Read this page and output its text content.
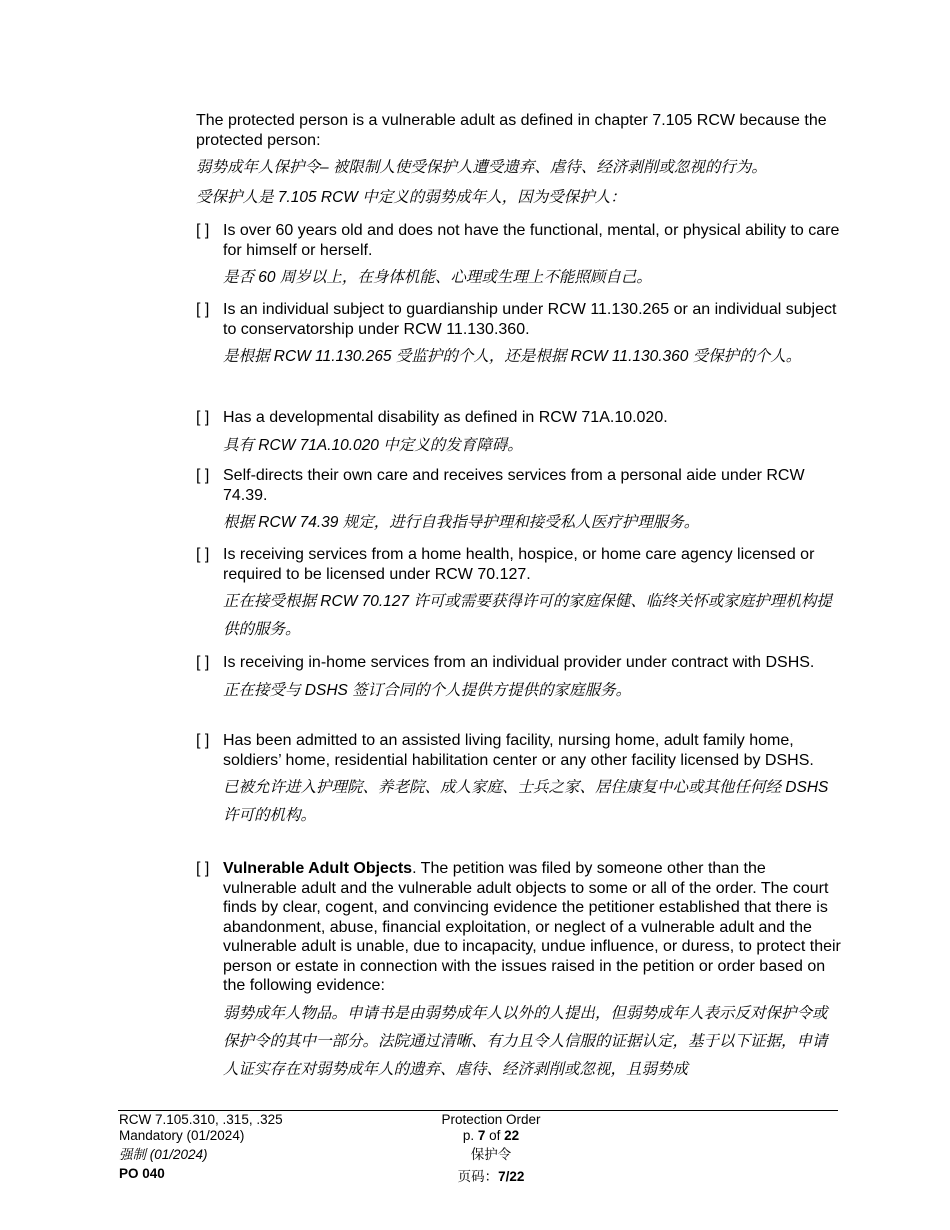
The protected person is a vulnerable adult as defined in chapter 7.105 RCW because the protected person:
弱势成年人保护令– 被限制人使受保护人遭受遗弃、虐待、经济剥削或忽视的行为。
受保护人是 7.105 RCW 中定义的弱势成年人，因为受保护人：
[ ] Is over 60 years old and does not have the functional, mental, or physical ability to care for himself or herself.
是否 60 周岁以上，在身体机能、心理或生理上不能照顾自己。
[ ] Is an individual subject to guardianship under RCW 11.130.265 or an individual subject to conservatorship under RCW 11.130.360.
是根据 RCW 11.130.265 受监护的个人，还是根据 RCW 11.130.360 受保护的个人。
[ ] Has a developmental disability as defined in RCW 71A.10.020.
具有 RCW 71A.10.020 中定义的发育障碍。
[ ] Self-directs their own care and receives services from a personal aide under RCW 74.39.
根据 RCW 74.39 规定，进行自我指导护理和接受私人医疗护理服务。
[ ] Is receiving services from a home health, hospice, or home care agency licensed or required to be licensed under RCW 70.127.
正在接受根据 RCW 70.127 许可或需要获得许可的家庭保健、临终关怀或家庭护理机构提供的服务。
[ ] Is receiving in-home services from an individual provider under contract with DSHS.
正在接受与 DSHS 签订合同的个人提供方提供的家庭服务。
[ ] Has been admitted to an assisted living facility, nursing home, adult family home, soldiers’ home, residential habilitation center or any other facility licensed by DSHS.
已被允许进入护理院、养老院、成人家庭、士兵之家、居住康复中心或其他任何经 DSHS 许可的机构。
[ ] Vulnerable Adult Objects. The petition was filed by someone other than the vulnerable adult and the vulnerable adult objects to some or all of the order. The court finds by clear, cogent, and convincing evidence the petitioner established that there is abandonment, abuse, financial exploitation, or neglect of a vulnerable adult and the vulnerable adult is unable, due to incapacity, undue influence, or duress, to protect their person or estate in connection with the issues raised in the petition or order based on the following evidence:
弱势成年人物品。申请书是由弱势成年人以外的人提出，但弱势成年人表示反对保护令或保护令的其中一部分。法院通过清晰、有力且令人信服的证据认定，基于以下证据，申请人证实存在对弱势成年人的遗弃、虐待、经济剥削或忽视，且弱势成
RCW 7.105.310, .315, .325
Mandatory (01/2024)
强制 (01/2024)
PO 040
Protection Order
p. 7 of 22
保护令
页码：7/22
